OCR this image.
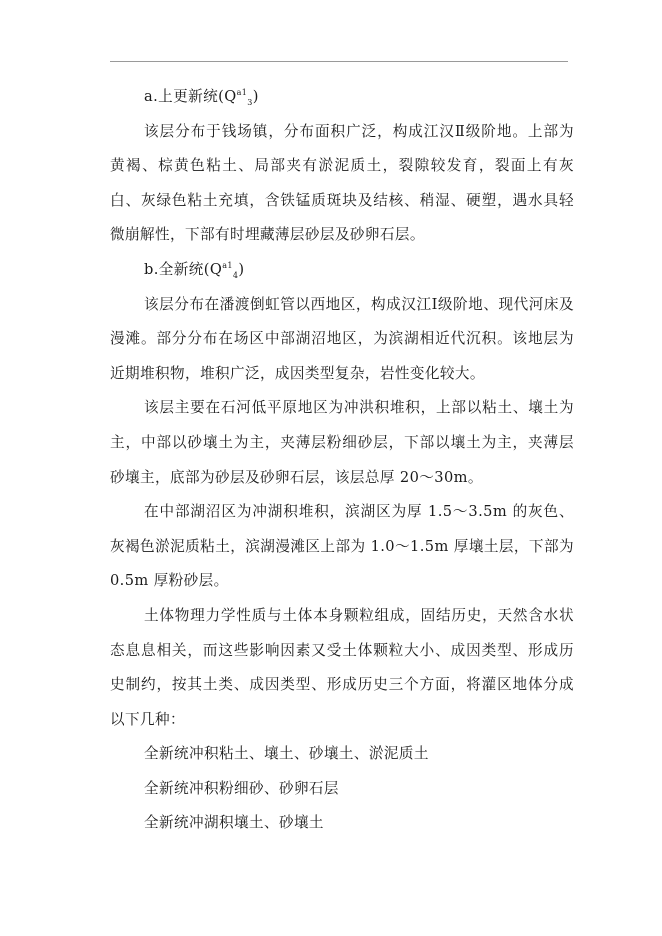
a.上更新统$(Q^{a1}_3)$

该层分布于钱场镇，分布面积广泛，构成江汉Ⅱ级阶地。上部为黄褐、棕黄色粘土、局部夹有淤泥质土，裂隙较发育，裂面上有灰白、灰绿色粘土充填，含铁锰质斑块及结核、稍湿、硬塑，遇水具轻微崩解性，下部有时埋藏薄层砂层及砂卵石层。

b.全新统$(Q^{a1}_4)$

该层分布在潘渡倒虹管以西地区，构成汉江Ⅰ级阶地、现代河床及漫滩。部分分布在场区中部湖沼地区，为滨湖相近代沉积。该地层为近期堆积物，堆积广泛，成因类型复杂，岩性变化较大。

该层主要在石河低平原地区为冲洪积堆积，上部以粘土、壤土为主，中部以砂壤土为主，夹薄层粉细砂层，下部以壤土为主，夹薄层砂壤主，底部为砂层及砂卵石层，该层总厚 20～30m。

在中部湖沼区为冲湖积堆积，滨湖区为厚 1.5～3.5m 的灰色、灰褐色淤泥质粘土，滨湖漫滩区上部为 1.0～1.5m 厚壤土层，下部为 0.5m 厚粉砂层。

土体物理力学性质与土体本身颗粒组成，固结历史，天然含水状态息息相关，而这些影响因素又受土体颗粒大小、成因类型、形成历史制约，按其土类、成因类型、形成历史三个方面，将灌区地体分成以下几种：

全新统冲积粘土、壤土、砂壤土、淤泥质土

全新统冲积粉细砂、砂卵石层

全新统冲湖积壤土、砂壤土
